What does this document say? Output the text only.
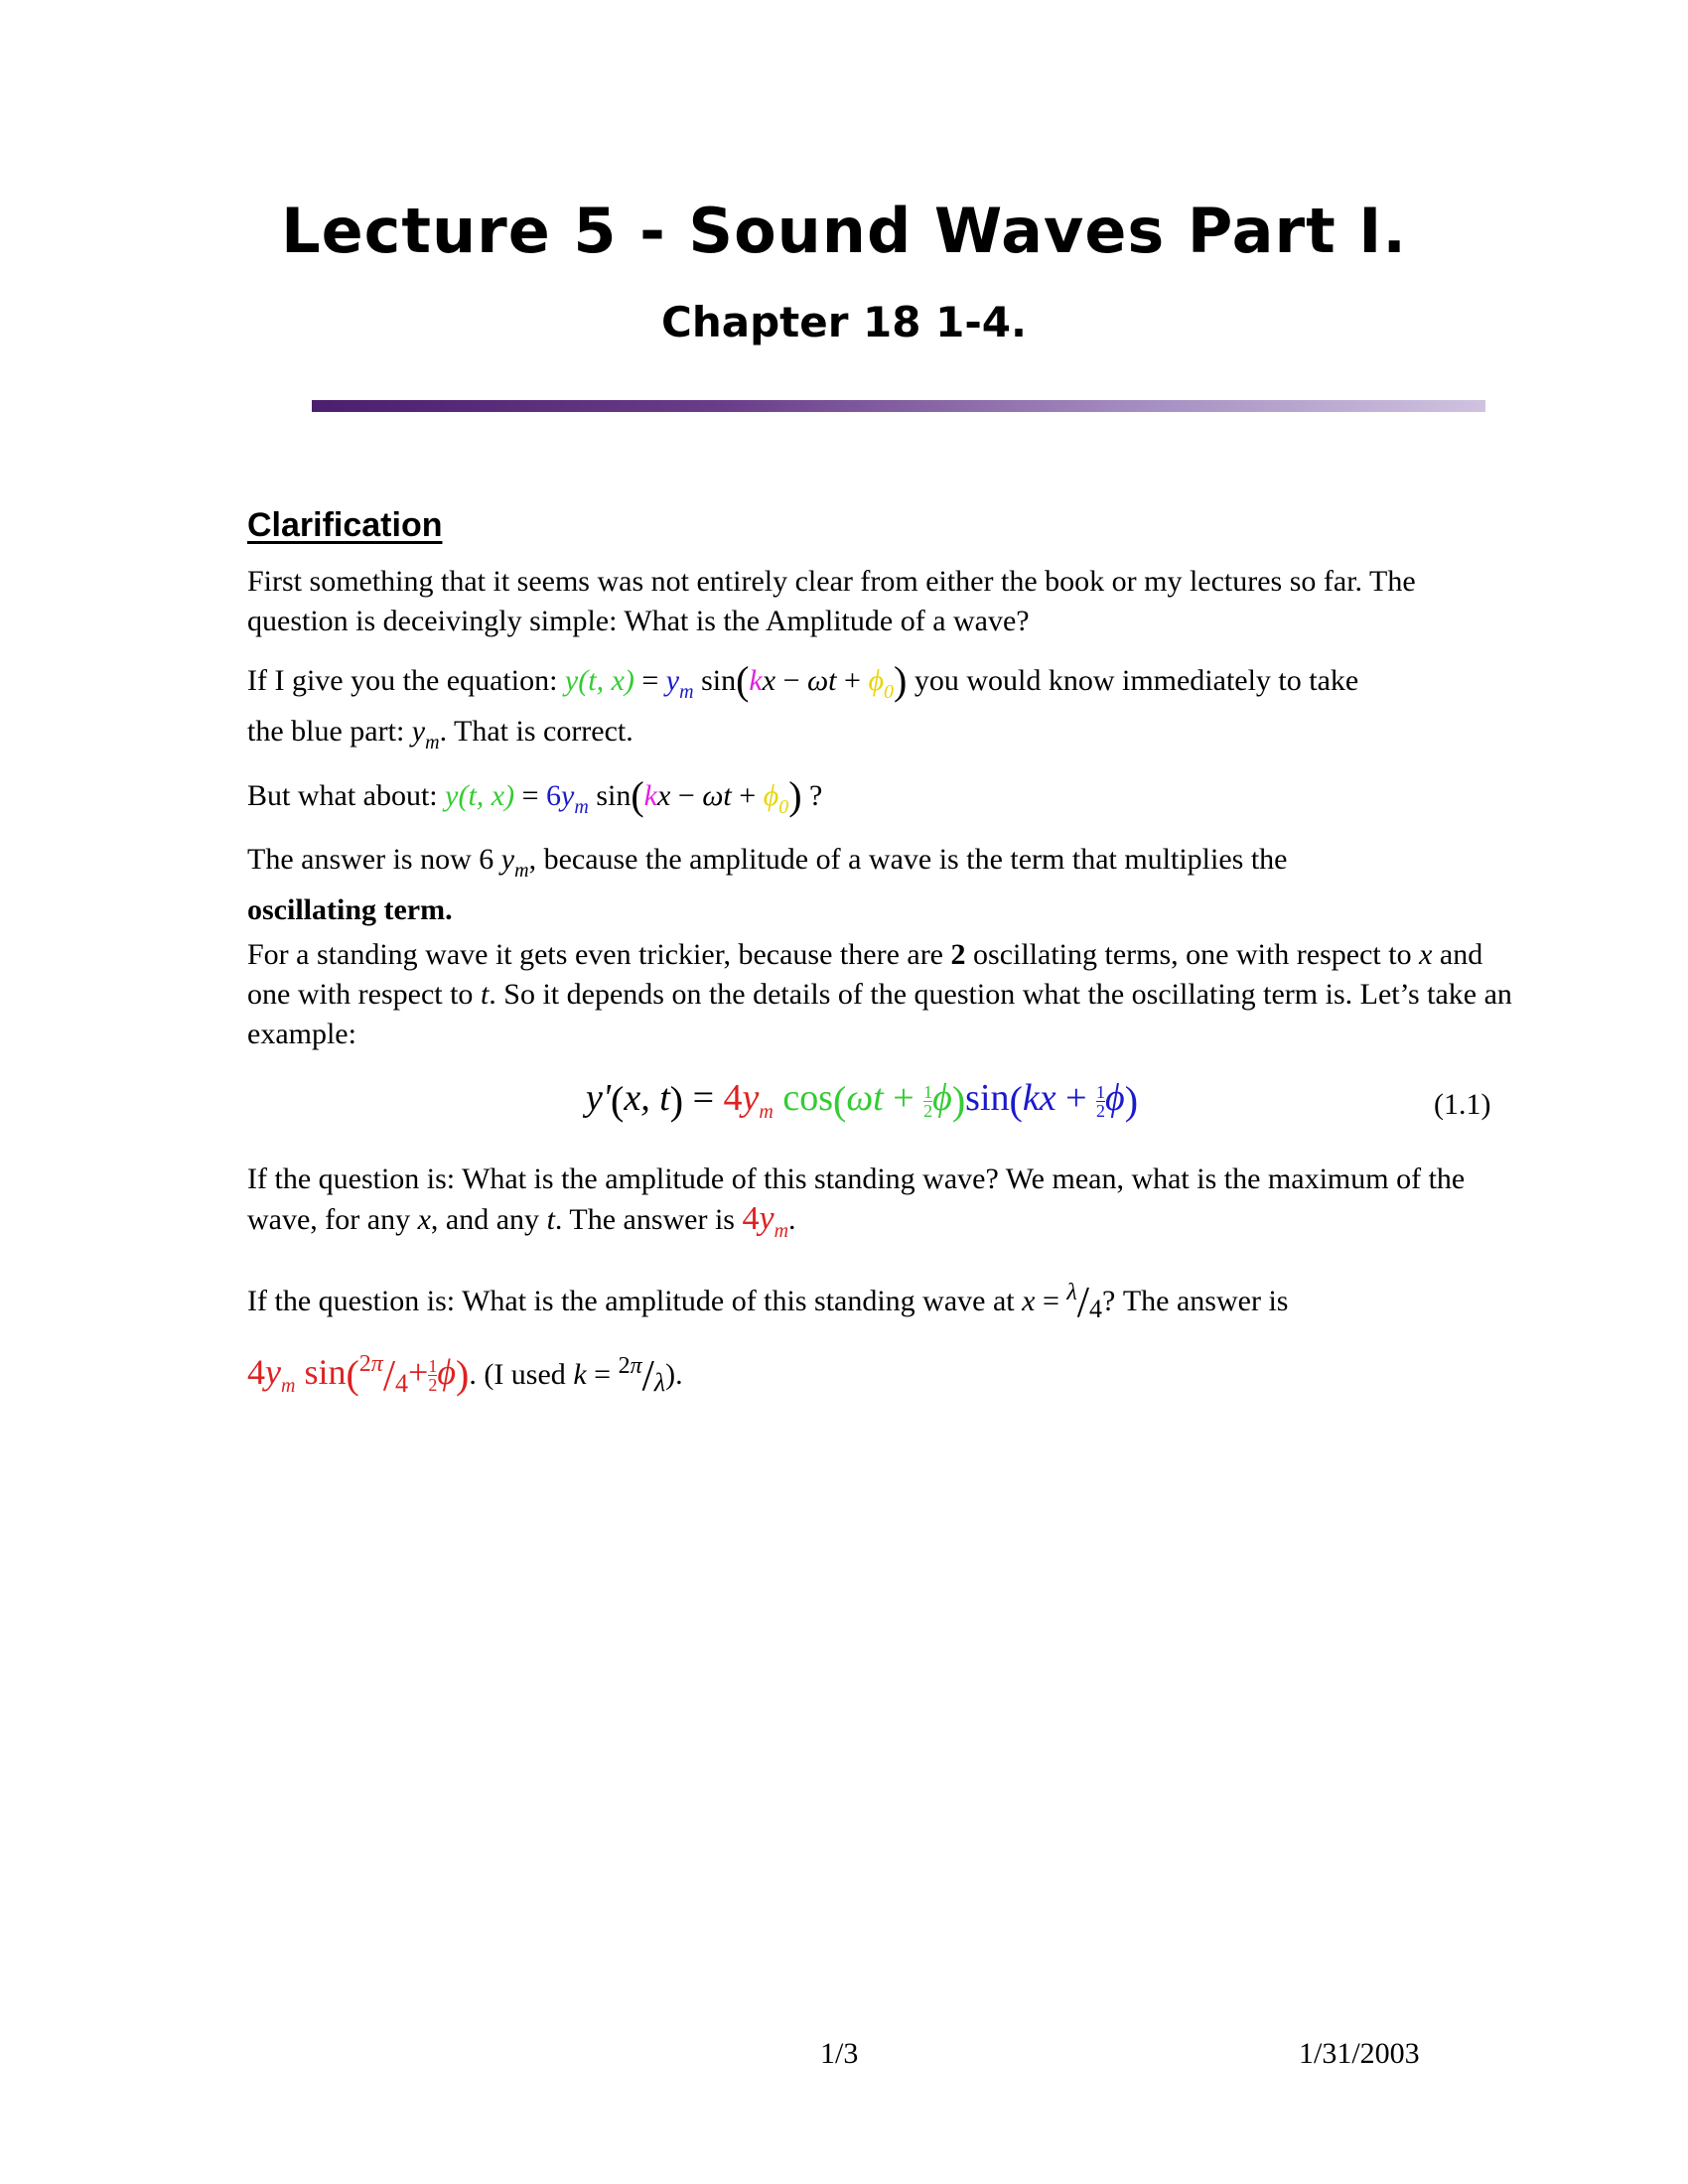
Lecture 5 - Sound Waves Part I.
Chapter 18 1-4.
Clarification
First something that it seems was not entirely clear from either the book or my lectures so far. The question is deceivingly simple: What is the Amplitude of a wave?
If I give you the equation: y(t, $x) = y_m$ $\sin(kx - \omega t + \phi_0)$ you would know immediately to take
the blue part: $y_m$. That is correct.
But what about: y(t, $x) = 6y_m$ $\sin(kx - \omega t + \phi_0)$ ?
The answer is now 6 $y_m$, because the amplitude of a wave is the term that multiplies the
oscillating term.
For a standing wave it gets even trickier, because there are 2 oscillating terms, one with respect to x and one with respect to t. So it depends on the details of the question what the oscillating term is. Let’s take an example:
y'(x, $t) = 4y_m$ $\cos(\omega t + \frac{1}{2} \phi)\sin(kx + \frac{1}{2} \phi)$	(1.1)
If the question is: What is the amplitude of this standing wave? We mean, what is the maximum of the wave, for any x, and any t. The answer is $4y_m$.
If the question is: What is the amplitude of this standing wave at $x = ^\lambda/_4$? The answer is
$4y_m$ $\sin(^{2\pi}/_4+ \frac{1}{2} \phi)$. (I used $k = ^{2\pi}/_\lambda$).
1/3	1/31/2003
